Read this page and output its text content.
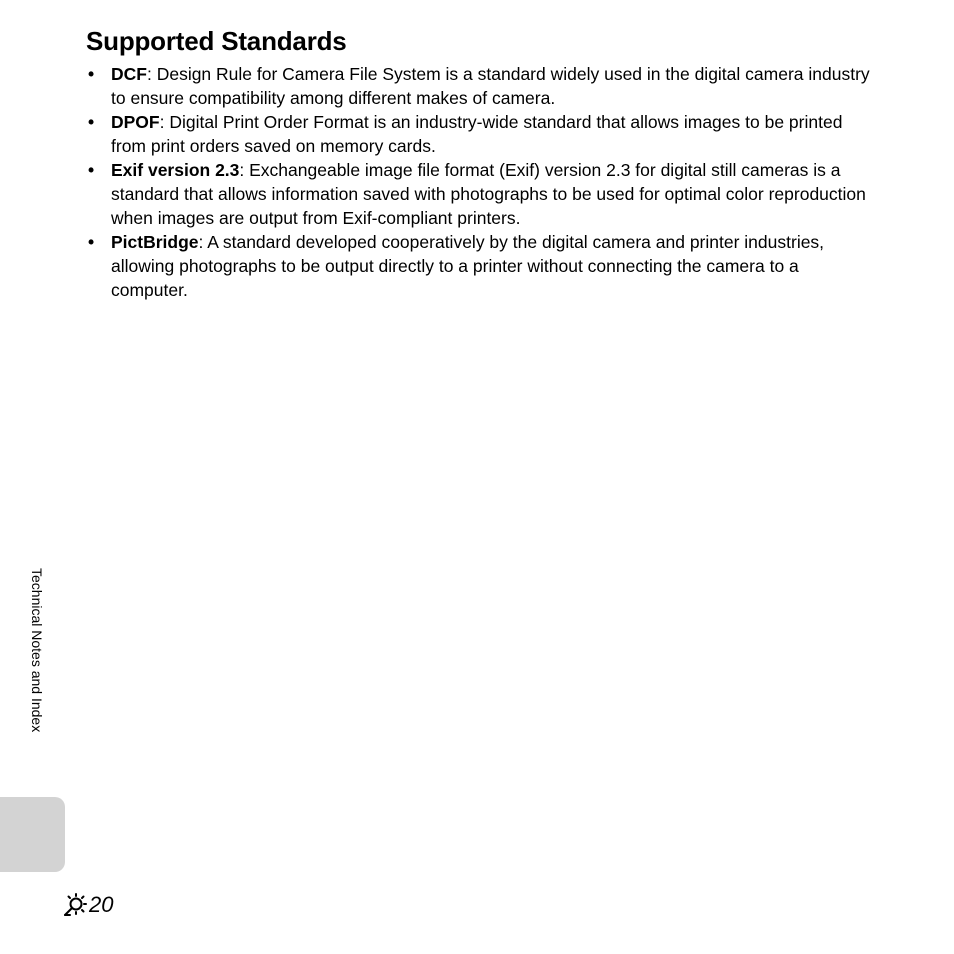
Supported Standards
• DCF: Design Rule for Camera File System is a standard widely used in the digital camera industry to ensure compatibility among different makes of camera.
• DPOF: Digital Print Order Format is an industry-wide standard that allows images to be printed from print orders saved on memory cards.
• Exif version 2.3: Exchangeable image file format (Exif) version 2.3 for digital still cameras is a standard that allows information saved with photographs to be used for optimal color reproduction when images are output from Exif-compliant printers.
• PictBridge: A standard developed cooperatively by the digital camera and printer industries, allowing photographs to be output directly to a printer without connecting the camera to a computer.
Technical Notes and Index
20
